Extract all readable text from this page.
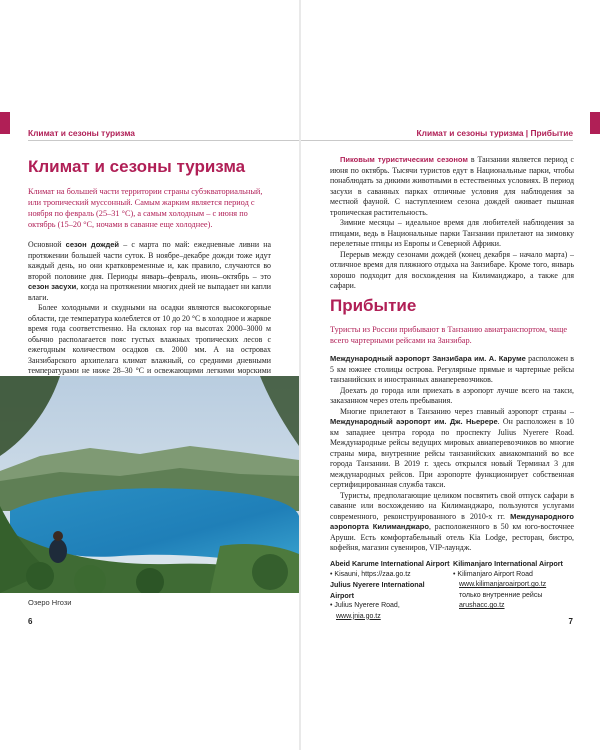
Климат и сезоны туризма
Климат и сезоны туризма

Климат на большей части территории страны субэкваториальный, или тропический муссонный. Самым жарким является период с ноября по февраль (25–31 °С), а самым холодным – с июня по октябрь (15–20 °С, ночами в саванне еще холоднее).

Основной сезон дождей – с марта по май: ежедневные ливни на протяжении большей части суток. В ноябре–декабре дожди тоже идут каждый день, но они кратковременные и, как правило, случаются во второй половине дня. Периоды январь–февраль, июнь–октябрь – это сезон засухи, когда на протяжении многих дней не выпадает ни капли влаги.

Более холодными и скудными на осадки являются высокогорные области, где температура колеблется от 10 до 20 °С в холодное и жаркое время года соответственно. На склонах гор на высотах 2000–3000 м обычно располагается пояс густых влажных тропических лесов с ежегодным количеством осадков св. 2000 мм. А на островах Занзибарского архипелага климат влажный, со средними дневными температурами не ниже 28–30 °С и освежающими легкими морскими

Озеро Нгози
6
Климат и сезоны туризма | Прибытие

Пиковым туристическим сезоном в Танзании является период с июня по октябрь. Тысячи туристов едут в Национальные парки, чтобы понаблюдать за дикими животными в естественных условиях. В период засухи в саванных парках отличные условия для наблюдения за местной фауной. С наступлением сезона дождей оживает пышная тропическая растительность.

Зимние месяцы – идеальное время для любителей наблюдения за птицами, ведь в Национальные парки Танзании прилетают на зимовку перелетные птицы из Европы и Северной Африки.

Перерыв между сезонами дождей (конец декабря – начало марта) – отличное время для пляжного отдыха на Занзибаре. Кроме того, январь хорошо подходит для восхождения на Килиманджаро, а также для сафари.

Прибытие

Туристы из России прибывают в Танзанию авиатранспортом, чаще всего чартерными рейсами на Занзибар.

Международный аэропорт Занзибара им. А. Каруме расположен в 5 км южнее столицы острова. Регулярные прямые и чартерные рейсы танзанийских и иностранных авиаперевозчиков.

Доехать до города или приехать в аэропорт лучше всего на такси, заказанном через отель пребывания.

Многие прилетают в Танзанию через главный аэропорт страны – Международный аэропорт им. Дж. Ньерере. Он расположен в 10 км западнее центра города по проспекту Julius Nyerere Road. Международные рейсы ведущих мировых авиаперевозчиков во многие страны мира, внутренние рейсы танзанийских авиакомпаний во все города Танзании. В 2019 г. здесь открылся новый Терминал 3 для международных рейсов. При аэропорте функционирует собственная сертифицированная служба такси.

Туристы, предполагающие целиком посвятить свой отпуск сафари в саванне или восхождению на Килиманджаро, пользуются услугами современного, реконструированного в 2010-х гг. Международного аэропорта Килиманджаро, расположенного в 50 км юго-восточнее Аруши. Есть комфортабельный отель Kia Lodge, ресторан, бистро, кофейня, магазин сувениров, VIP-лаундж.

Abeid Karume International Airport
• Kisauni, https://zaa.go.tz
Julius Nyerere International Airport
• Julius Nyerere Road,
www.jnia.go.tz
Kilimanjaro International Airport
• Kilimanjaro Airport Road
www.kilimanjaroairport.go.tz
только внутренние рейсы
arushacc.go.tz
7
